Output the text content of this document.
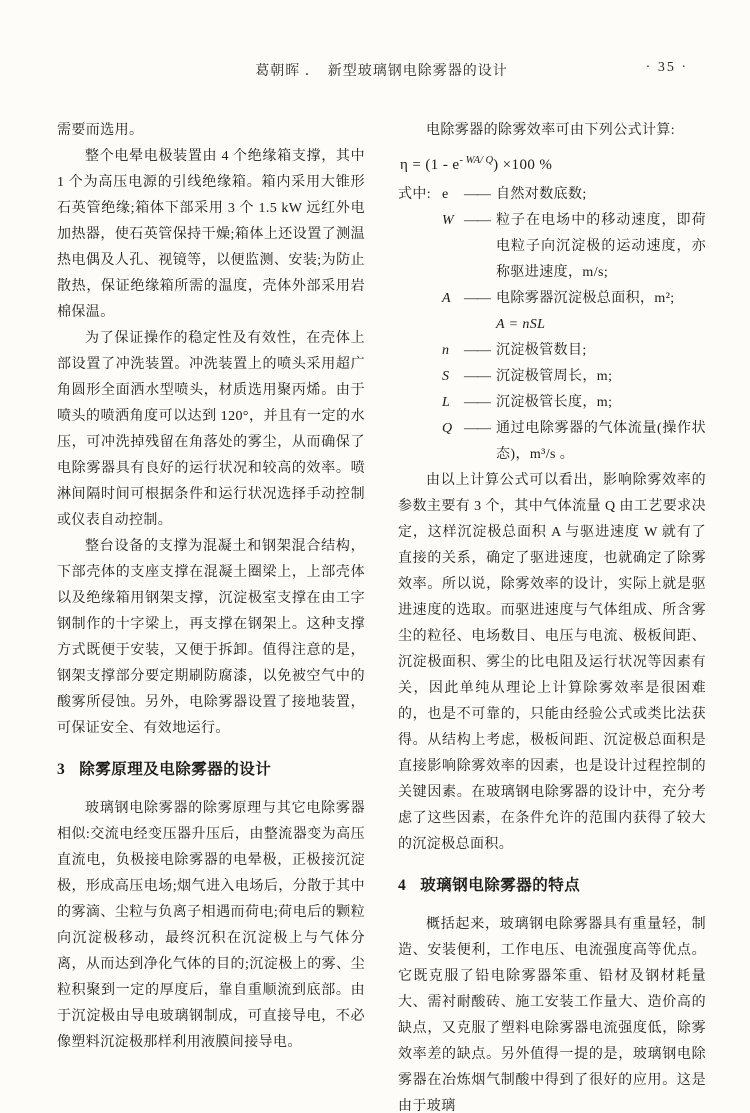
葛朝晖 ．　新型玻璃钢电除雾器的设计	· 35 ·

需要而选用。

整个电晕电极装置由 4 个绝缘箱支撑，其中 1 个为高压电源的引线绝缘箱。箱内采用大锥形石英管绝缘;箱体下部采用 3 个 1.5 kW 远红外电加热器，使石英管保持干燥;箱体上还设置了测温热电偶及人孔、视镜等，以便监测、安装;为防止散热，保证绝缘箱所需的温度，壳体外部采用岩棉保温。

为了保证操作的稳定性及有效性，在壳体上部设置了冲洗装置。冲洗装置上的喷头采用超广角圆形全面洒水型喷头，材质选用聚丙烯。由于喷头的喷洒角度可以达到 120°，并且有一定的水压，可冲洗掉残留在角落处的雾尘，从而确保了电除雾器具有良好的运行状况和较高的效率。喷淋间隔时间可根据条件和运行状况选择手动控制或仪表自动控制。

整台设备的支撑为混凝土和钢架混合结构，下部壳体的支座支撑在混凝土圈梁上，上部壳体以及绝缘箱用钢架支撑，沉淀极室支撑在由工字钢制作的十字梁上，再支撑在钢架上。这种支撑方式既便于安装，又便于拆卸。值得注意的是，钢架支撑部分要定期刷防腐漆，以免被空气中的酸雾所侵蚀。另外，电除雾器设置了接地装置，可保证安全、有效地运行。

3 除雾原理及电除雾器的设计

玻璃钢电除雾器的除雾原理与其它电除雾器相似:交流电经变压器升压后，由整流器变为高压直流电，负极接电除雾器的电晕极，正极接沉淀极，形成高压电场;烟气进入电场后，分散于其中的雾滴、尘粒与负离子相遇而荷电;荷电后的颗粒向沉淀极移动，最终沉积在沉淀极上与气体分离，从而达到净化气体的目的;沉淀极上的雾、尘粒积聚到一定的厚度后，靠自重顺流到底部。由于沉淀极由导电玻璃钢制成，可直接导电，不必像塑料沉淀极那样利用液膜间接导电。

电除雾器的除雾效率可由下列公式计算:

$\eta = (1 - e^{- WA/ Q}) \times 100$ %
式中: e	—— 自然对数底数;
W —— 粒子在电场中的移动速度，即荷电粒子向沉淀极的运动速度，亦称驱进速度，m/s;
A —— 电除雾器沉淀极总面积，m²;
A = nSL
n	—— 沉淀极管数目;
S	—— 沉淀极管周长，m;
L —— 沉淀极管长度，m;
Q —— 通过电除雾器的气体流量(操作状态)，m³/s 。

由以上计算公式可以看出，影响除雾效率的参数主要有 3 个，其中气体流量 Q 由工艺要求决定，这样沉淀极总面积 A 与驱进速度 W 就有了直接的关系，确定了驱进速度，也就确定了除雾效率。所以说，除雾效率的设计，实际上就是驱进速度的选取。而驱进速度与气体组成、所含雾尘的粒径、电场数目、电压与电流、极板间距、沉淀极面积、雾尘的比电阻及运行状况等因素有关，因此单纯从理论上计算除雾效率是很困难的，也是不可靠的，只能由经验公式或类比法获得。从结构上考虑，极板间距、沉淀极总面积是直接影响除雾效率的因素，也是设计过程控制的关键因素。在玻璃钢电除雾器的设计中，充分考虑了这些因素，在条件允许的范围内获得了较大的沉淀极总面积。

4 玻璃钢电除雾器的特点

概括起来，玻璃钢电除雾器具有重量轻，制造、安装便利，工作电压、电流强度高等优点。它既克服了铅电除雾器笨重、铅材及钢材耗量大、需衬耐酸砖、施工安装工作量大、造价高的缺点，又克服了塑料电除雾器电流强度低，除雾效率差的缺点。另外值得一提的是，玻璃钢电除雾器在冶炼烟气制酸中得到了很好的应用。这是由于玻璃
